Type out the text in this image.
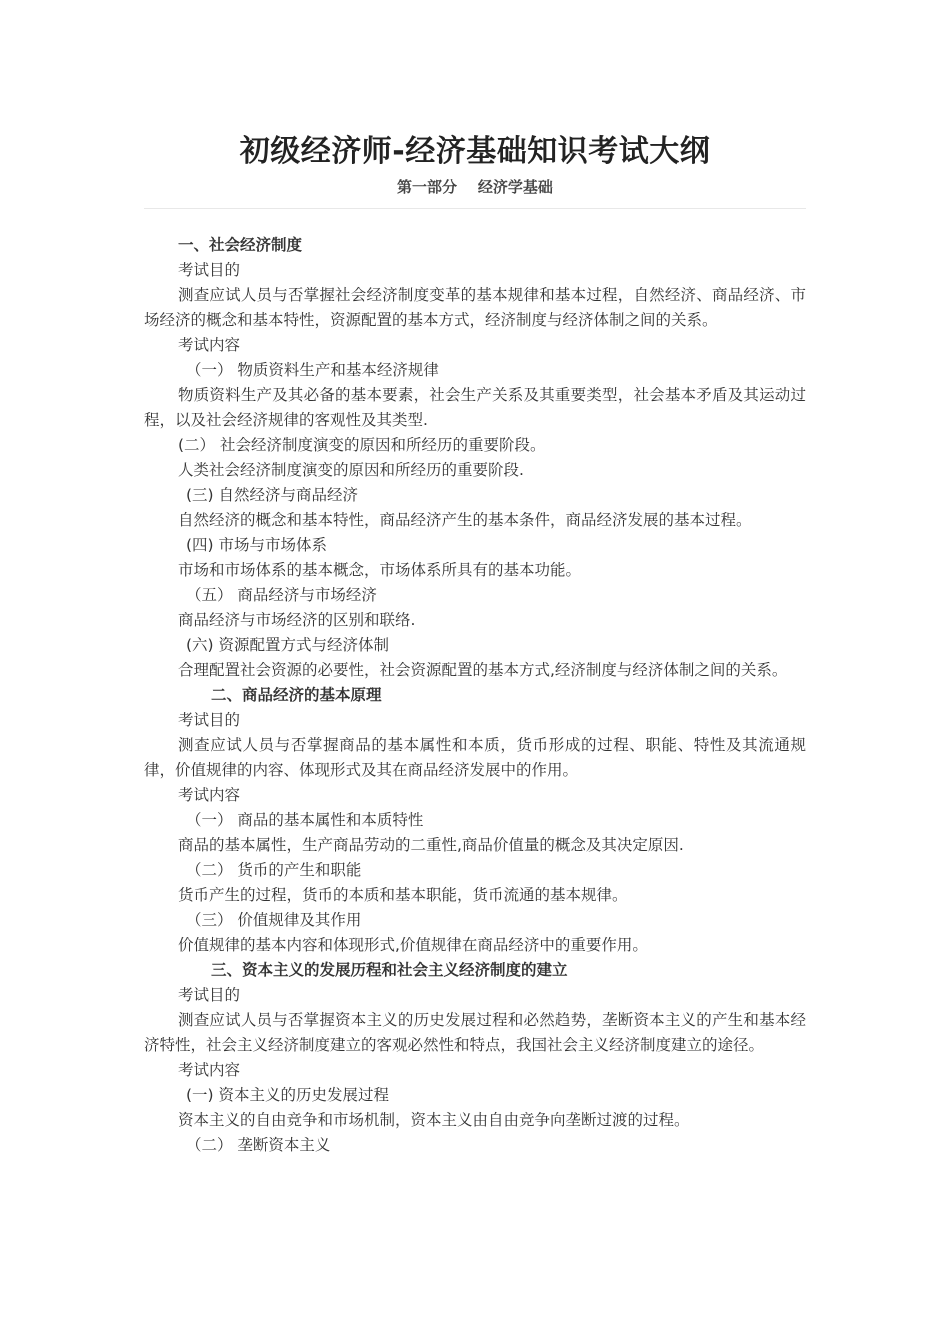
初级经济师-经济基础知识考试大纲
第一部分    经济学基础

一、社会经济制度

考试目的

测查应试人员与否掌握社会经济制度变革的基本规律和基本过程，自然经济、商品经济、市场经济的概念和基本特性，资源配置的基本方式，经济制度与经济体制之间的关系。

考试内容

（一） 物质资料生产和基本经济规律

物质资料生产及其必备的基本要素，社会生产关系及其重要类型，社会基本矛盾及其运动过程，以及社会经济规律的客观性及其类型.

(二） 社会经济制度演变的原因和所经历的重要阶段。

人类社会经济制度演变的原因和所经历的重要阶段.

(三) 自然经济与商品经济

自然经济的概念和基本特性，商品经济产生的基本条件，商品经济发展的基本过程。

(四) 市场与市场体系

市场和市场体系的基本概念，市场体系所具有的基本功能。

（五） 商品经济与市场经济

商品经济与市场经济的区别和联络.

(六) 资源配置方式与经济体制

合理配置社会资源的必要性，社会资源配置的基本方式,经济制度与经济体制之间的关系。

二、商品经济的基本原理

考试目的

测查应试人员与否掌握商品的基本属性和本质，货币形成的过程、职能、特性及其流通规律，价值规律的内容、体现形式及其在商品经济发展中的作用。

考试内容

（一） 商品的基本属性和本质特性

商品的基本属性，生产商品劳动的二重性,商品价值量的概念及其决定原因.

（二） 货币的产生和职能

货币产生的过程，货币的本质和基本职能，货币流通的基本规律。

（三） 价值规律及其作用

价值规律的基本内容和体现形式,价值规律在商品经济中的重要作用。

三、资本主义的发展历程和社会主义经济制度的建立

考试目的

测查应试人员与否掌握资本主义的历史发展过程和必然趋势，垄断资本主义的产生和基本经济特性，社会主义经济制度建立的客观必然性和特点，我国社会主义经济制度建立的途径。

考试内容

(一) 资本主义的历史发展过程

资本主义的自由竞争和市场机制，资本主义由自由竞争向垄断过渡的过程。

（二） 垄断资本主义
